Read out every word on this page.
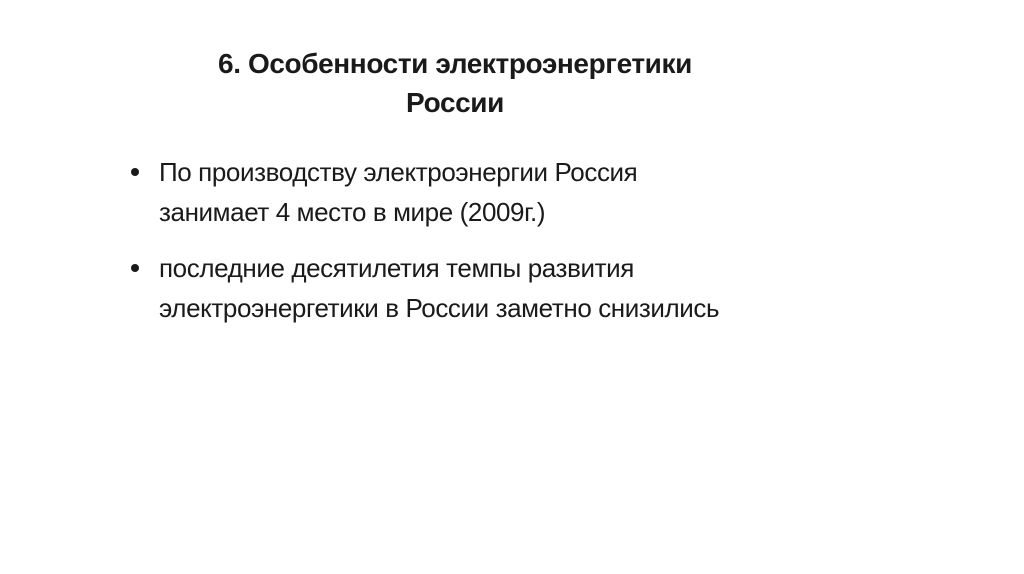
6. Особенности электроэнергетики
России
По производству электроэнергии Россия занимает 4 место в мире (2009г.)
последние десятилетия темпы развития электроэнергетики в России заметно снизились
